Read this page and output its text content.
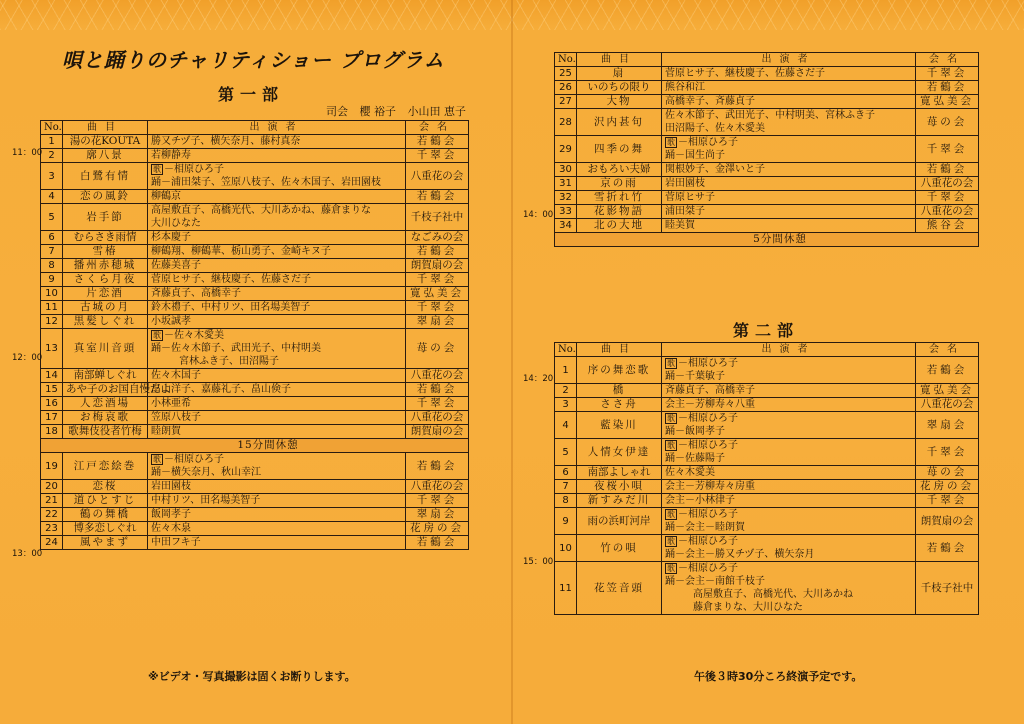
唄と踊りのチャリティショー プログラム
第一部
司会 櫻 裕子 小山田 恵子
No.	曲目	出演者	会名
1	湯の花KOUTA	勝又チヅ子、横矢奈月、藤村真奈	若鶴会
2	廓八景	若柳静寿	千翠会
3	白鷺有情	歌 －相原ひろ子
踊－浦田桀子、笠原八枝子、佐々木国子、岩田園枝	八重花の会
4	恋の風鈴	柳鶴京	若鶴会
5	岩手節	高屋敷直子、高橋光代、大川あかね、藤倉まりな
大川ひなた	千枝子社中
6	むらさき雨情	杉本慶子	なごみの会
7	雪椿	柳鶴翔、柳鶴華、栃山勇子、金崎キヌ子	若鶴会
8	播州赤穂城	佐藤美喜子	朗賀扇の会
9	さくら月夜	菅原ヒサ子、継枝慶子、佐藤さだ子	千翠会
10	片恋酒	斉藤貞子、高橋幸子	寛弘美会
11	古城の月	鈴木禮子、中村リツ、田名場美智子	千翠会
12	黒髪しぐれ	小坂誠孝	翠扇会
13	真室川音頭	歌 －佐々木愛美
踊－佐々木節子、武田光子、中村明美
宮林ふき子、田沼陽子	苺の会
14	南部蝉しぐれ	佐々木国子	八重花の会
15	あや子のお国自慢だよ	畠山洋子、嘉藤礼子、畠山倹子	若鶴会
16	人恋酒場	小林亜希	千翠会
17	お梅哀歌	笠原八枝子	八重花の会
18	歌舞伎役者竹梅	睦朗賀	朗賀扇の会
15分間休憩			
19	江戸恋絵巻	歌 －相原ひろ子
踊－横矢奈月、秋山幸江	若鶴会
20	恋桜	岩田園枝	八重花の会
21	道ひとすじ	中村リツ、田名場美智子	千翠会
22	鶴の舞橋	飯岡孝子	翠扇会
23	博多恋しぐれ	佐々木泉	花房の会
24	風やまず	中田フキ子	若鶴会
11：00
12：00
13：00
※ビデオ・写真撮影は固くお断りします。
No.	曲目	出演者	会名
25	扇	菅原ヒサ子、継枝慶子、佐藤さだ子	千翠会
26	いのちの限り	熊谷和江	若鶴会
27	大物	高橋幸子、斉藤貞子	寛弘美会
28	沢内甚句	佐々木節子、武田光子、中村明美、宮林ふき子
田沼陽子、佐々木愛美	苺の会
29	四季の舞	歌 －相原ひろ子
踊－国生尚子	千翠会
30	おもろい夫婦	関根妙子、金澤いと子	若鶴会
31	京の雨	岩田園枝	八重花の会
32	雪折れ竹	菅原ヒサ子	千翠会
33	花影物語	浦田桀子	八重花の会
34	北の大地	睦美賀	熊谷会
5分間休憩			
14：00
第二部
No.	曲目	出演者	会名
1	序の舞恋歌	歌 －相原ひろ子
踊－千葉敏子	若鶴会
2	橋	斉藤貞子、高橋幸子	寛弘美会
3	ささ舟	会主－芳柳寿々八重	八重花の会
4	藍染川	歌 －相原ひろ子
踊－飯岡孝子	翠扇会
5	人情女伊達	歌 －相原ひろ子
踊－佐藤陽子	千翠会
6	南部よしゃれ	佐々木愛美	苺の会
7	夜桜小唄	会主－芳柳寿々房重	花房の会
8	新すみだ川	会主－小林律子	千翠会
9	雨の浜町河岸	歌 －相原ひろ子
踊－会主－睦朗賀	朗賀扇の会
10	竹の唄	歌 －相原ひろ子
踊－会主－勝又チヅ子、横矢奈月	若鶴会
11	花笠音頭	歌 －相原ひろ子
踊－会主－南館千枝子
高屋敷直子、高橋光代、大川あかね
藤倉まりな、大川ひなた	千枝子社中
14：20
15：00
午後３時30分ころ終演予定です。
